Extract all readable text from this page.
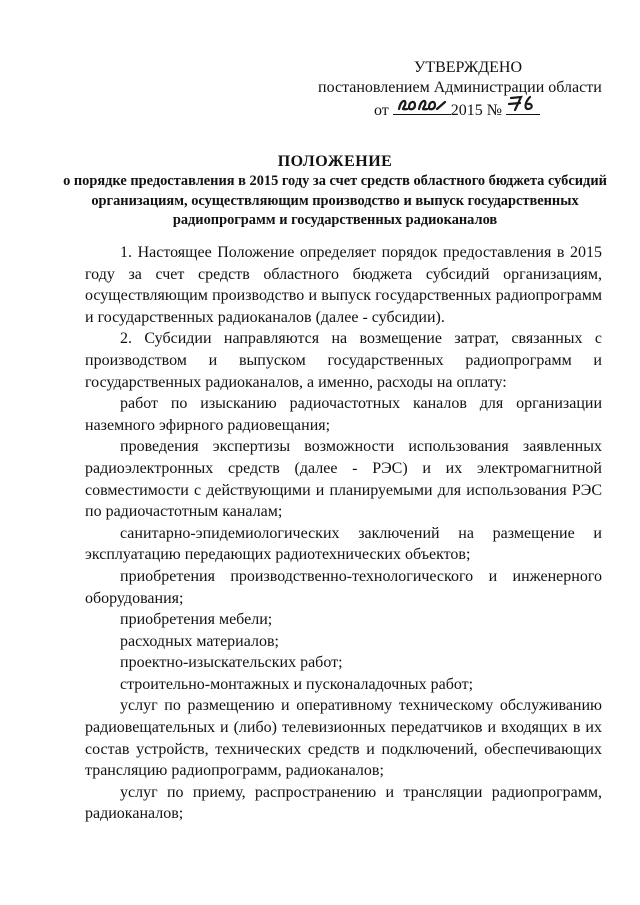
УТВЕРЖДЕНО
постановлением Администрации области
от	2015 №
ПОЛОЖЕНИЕ
о порядке предоставления в 2015 году за счет средств областного бюджета субсидий организациям, осуществляющим производство и выпуск государственных радиопрограмм и государственных радиоканалов

1. Настоящее Положение определяет порядок предоставления в 2015 году за счет средств областного бюджета субсидий организациям, осуществляющим производство и выпуск государственных радиопрограмм и государственных радиоканалов (далее - субсидии).

2. Субсидии направляются на возмещение затрат, связанных с производством и выпуском государственных радиопрограмм и государственных радиоканалов, а именно, расходы на оплату:

работ по изысканию радиочастотных каналов для организации наземного эфирного радиовещания;

проведения экспертизы возможности использования заявленных радиоэлектронных средств (далее - РЭС) и их электромагнитной совместимости с действующими и планируемыми для использования РЭС по радиочастотным каналам;

санитарно-эпидемиологических заключений на размещение и эксплуатацию передающих радиотехнических объектов;

приобретения производственно-технологического и инженерного оборудования;

приобретения мебели;

расходных материалов;

проектно-изыскательских работ;

строительно-монтажных и пусконаладочных работ;

услуг по размещению и оперативному техническому обслуживанию радиовещательных и (либо) телевизионных передатчиков и входящих в их состав устройств, технических средств и подключений, обеспечивающих трансляцию радиопрограмм, радиоканалов;

услуг по приему, распространению и трансляции радиопрограмм, радиоканалов;
